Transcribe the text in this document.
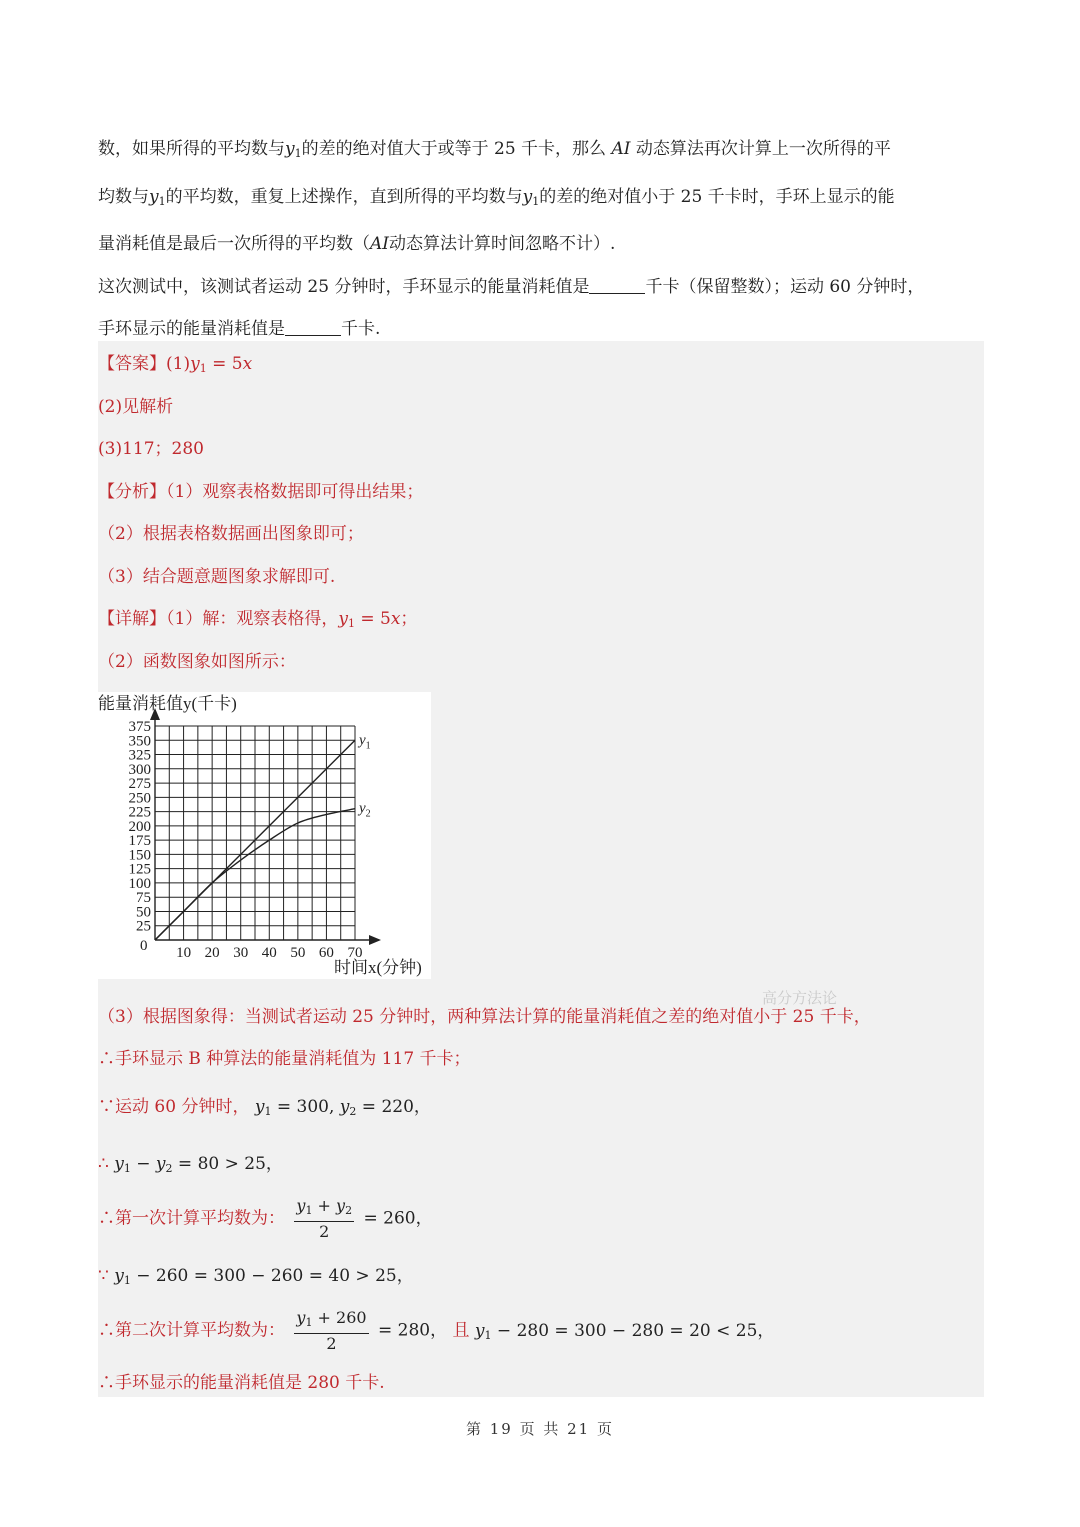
数，如果所得的平均数与$y_1$的差的绝对值大于或等于 25 千卡，那么 AI 动态算法再次计算上一次所得的平

均数与$y_1$的平均数，重复上述操作，直到所得的平均数与$y_1$的差的绝对值小于 25 千卡时，手环上显示的能

量消耗值是最后一次所得的平均数（AI动态算法计算时间忽略不计）.

这次测试中，该测试者运动 25 分钟时，手环显示的能量消耗值是	千卡（保留整数）；运动 60 分钟时，

手环显示的能量消耗值是	千卡.

【答案】$(1)y_1 = 5x$
(2)见解析
(3)117；280
【分析】（1）观察表格数据即可得出结果；
（2）根据表格数据画出图象即可；
（3）结合题意题图象求解即可.
【详解】（1）解：观察表格得，$y_1 = 5x$；
（2）函数图象如图所示：
10 20 30 40 50 60 70
25
50
75
100
125
150
175
200
225
250
275
300
325
350
375
$y_1$
$y_2$
能量消耗值y(千卡)
时间x(分钟)
0
（3）根据图象得：当测试者运动 25 分钟时，两种算法计算的能量消耗值之差的绝对值小于 25 千卡，
∴手环显示 B 种算法的能量消耗值为 117 千卡；
∵运动 60 分钟时， $y_1 = 300$, $y_2 = 220$，
∴ $y_1 - y_2 = 80 > 25$，
∴第一次计算平均数为： $\frac{y_1 + y_2}{2} = 260$，
∵ $y_1 - 260 = 300 - 260 = 40 > 25$，
∴第二次计算平均数为： $\frac{y_1 + 260}{2} = 280$， 且 $y_1 - 280 = 300 - 280 = 20 < 25$，
∴手环显示的能量消耗值是 280 千卡.
高分方法论
第 19 页 共 21 页
